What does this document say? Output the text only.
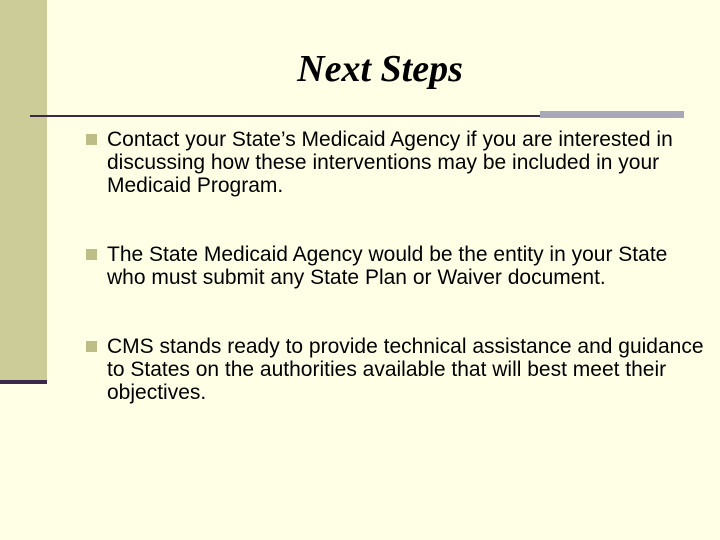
Next Steps
Contact your State’s Medicaid Agency if you are interested in discussing how these interventions may be included in your Medicaid Program.
The State Medicaid Agency would be the entity in your State who must submit any State Plan or Waiver document.
CMS stands ready to provide technical assistance and guidance to States on the authorities available that will best meet their objectives.
